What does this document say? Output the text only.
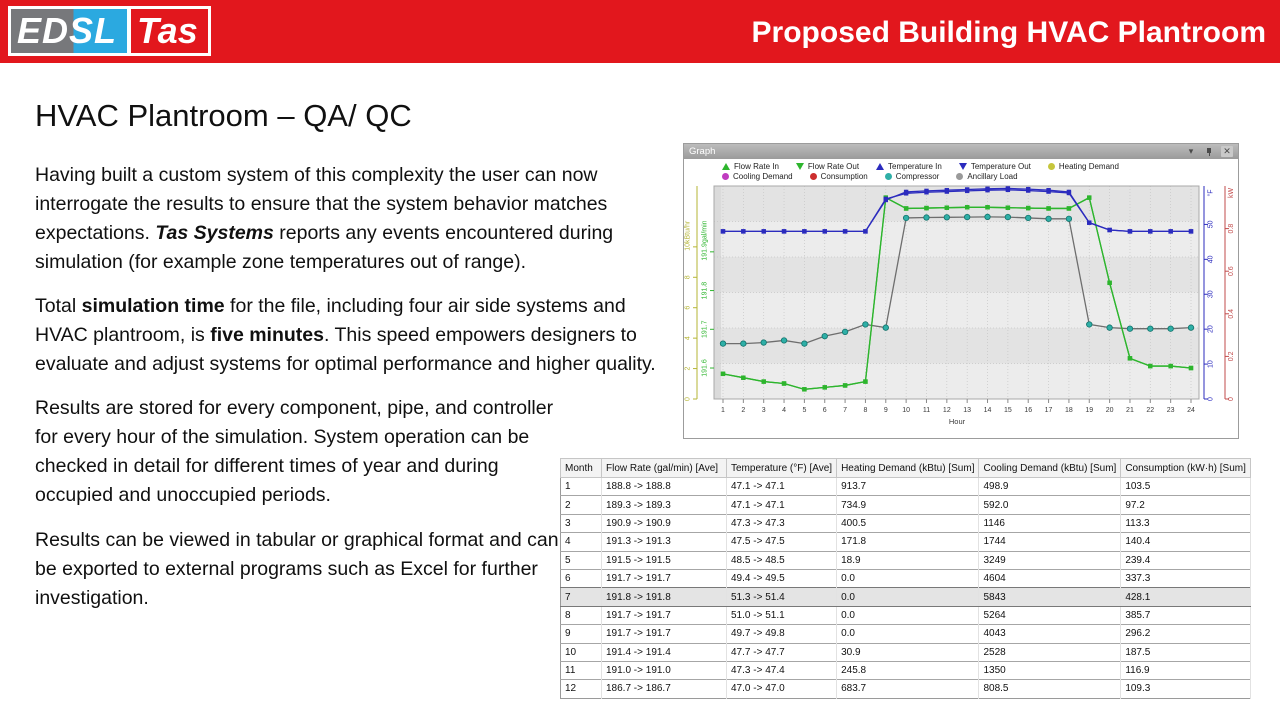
EDSL Tas	Proposed Building HVAC Plantroom
HVAC Plantroom – QA/ QC

Having built a custom system of this complexity the user can now interrogate the results to ensure that the system behavior matches expectations. Tas Systems reports any events encountered during simulation (for example zone temperatures out of range).

Total simulation time for the file, including four air side systems and HVAC plantroom, is five minutes. This speed empowers designers to evaluate and adjust systems for optimal performance and higher quality.

Results are stored for every component, pipe, and controller for every hour of the simulation. System operation can be checked in detail for different times of year and during occupied and unoccupied periods.

Results can be viewed in tabular or graphical format and can be exported to external programs such as Excel for further investigation.

Graph	▾	✕
Flow Rate In	Flow Rate Out	Temperature In	Temperature Out	Heating Demand
Cooling Demand	Consumption	Compressor	Ancillary Load
0
2
4
6
8
10
kBtu/hr
191.6
191.7
191.8
191.9
gal/min
0
10
20
30
40
50
°F
0
0.2
0.4
0.6
0.8
kW
1 2 3 4 5 6 7 8 9 10 11 12 13 14 15 16 17 18 19 20 21 22 23 24
Hour
Month	Flow Rate (gal/min) [Ave]	Temperature (°F) [Ave]	Heating Demand (kBtu) [Sum]	Cooling Demand (kBtu) [Sum]	Consumption (kW·h) [Sum]
1	188.8 -> 188.8	47.1 -> 47.1	913.7	498.9	103.5
2	189.3 -> 189.3	47.1 -> 47.1	734.9	592.0	97.2
3	190.9 -> 190.9	47.3 -> 47.3	400.5	1146	113.3
4	191.3 -> 191.3	47.5 -> 47.5	171.8	1744	140.4
5	191.5 -> 191.5	48.5 -> 48.5	18.9	3249	239.4
6	191.7 -> 191.7	49.4 -> 49.5	0.0	4604	337.3
7	191.8 -> 191.8	51.3 -> 51.4	0.0	5843	428.1
8	191.7 -> 191.7	51.0 -> 51.1	0.0	5264	385.7
9	191.7 -> 191.7	49.7 -> 49.8	0.0	4043	296.2
10	191.4 -> 191.4	47.7 -> 47.7	30.9	2528	187.5
11	191.0 -> 191.0	47.3 -> 47.4	245.8	1350	116.9
12	186.7 -> 186.7	47.0 -> 47.0	683.7	808.5	109.3
